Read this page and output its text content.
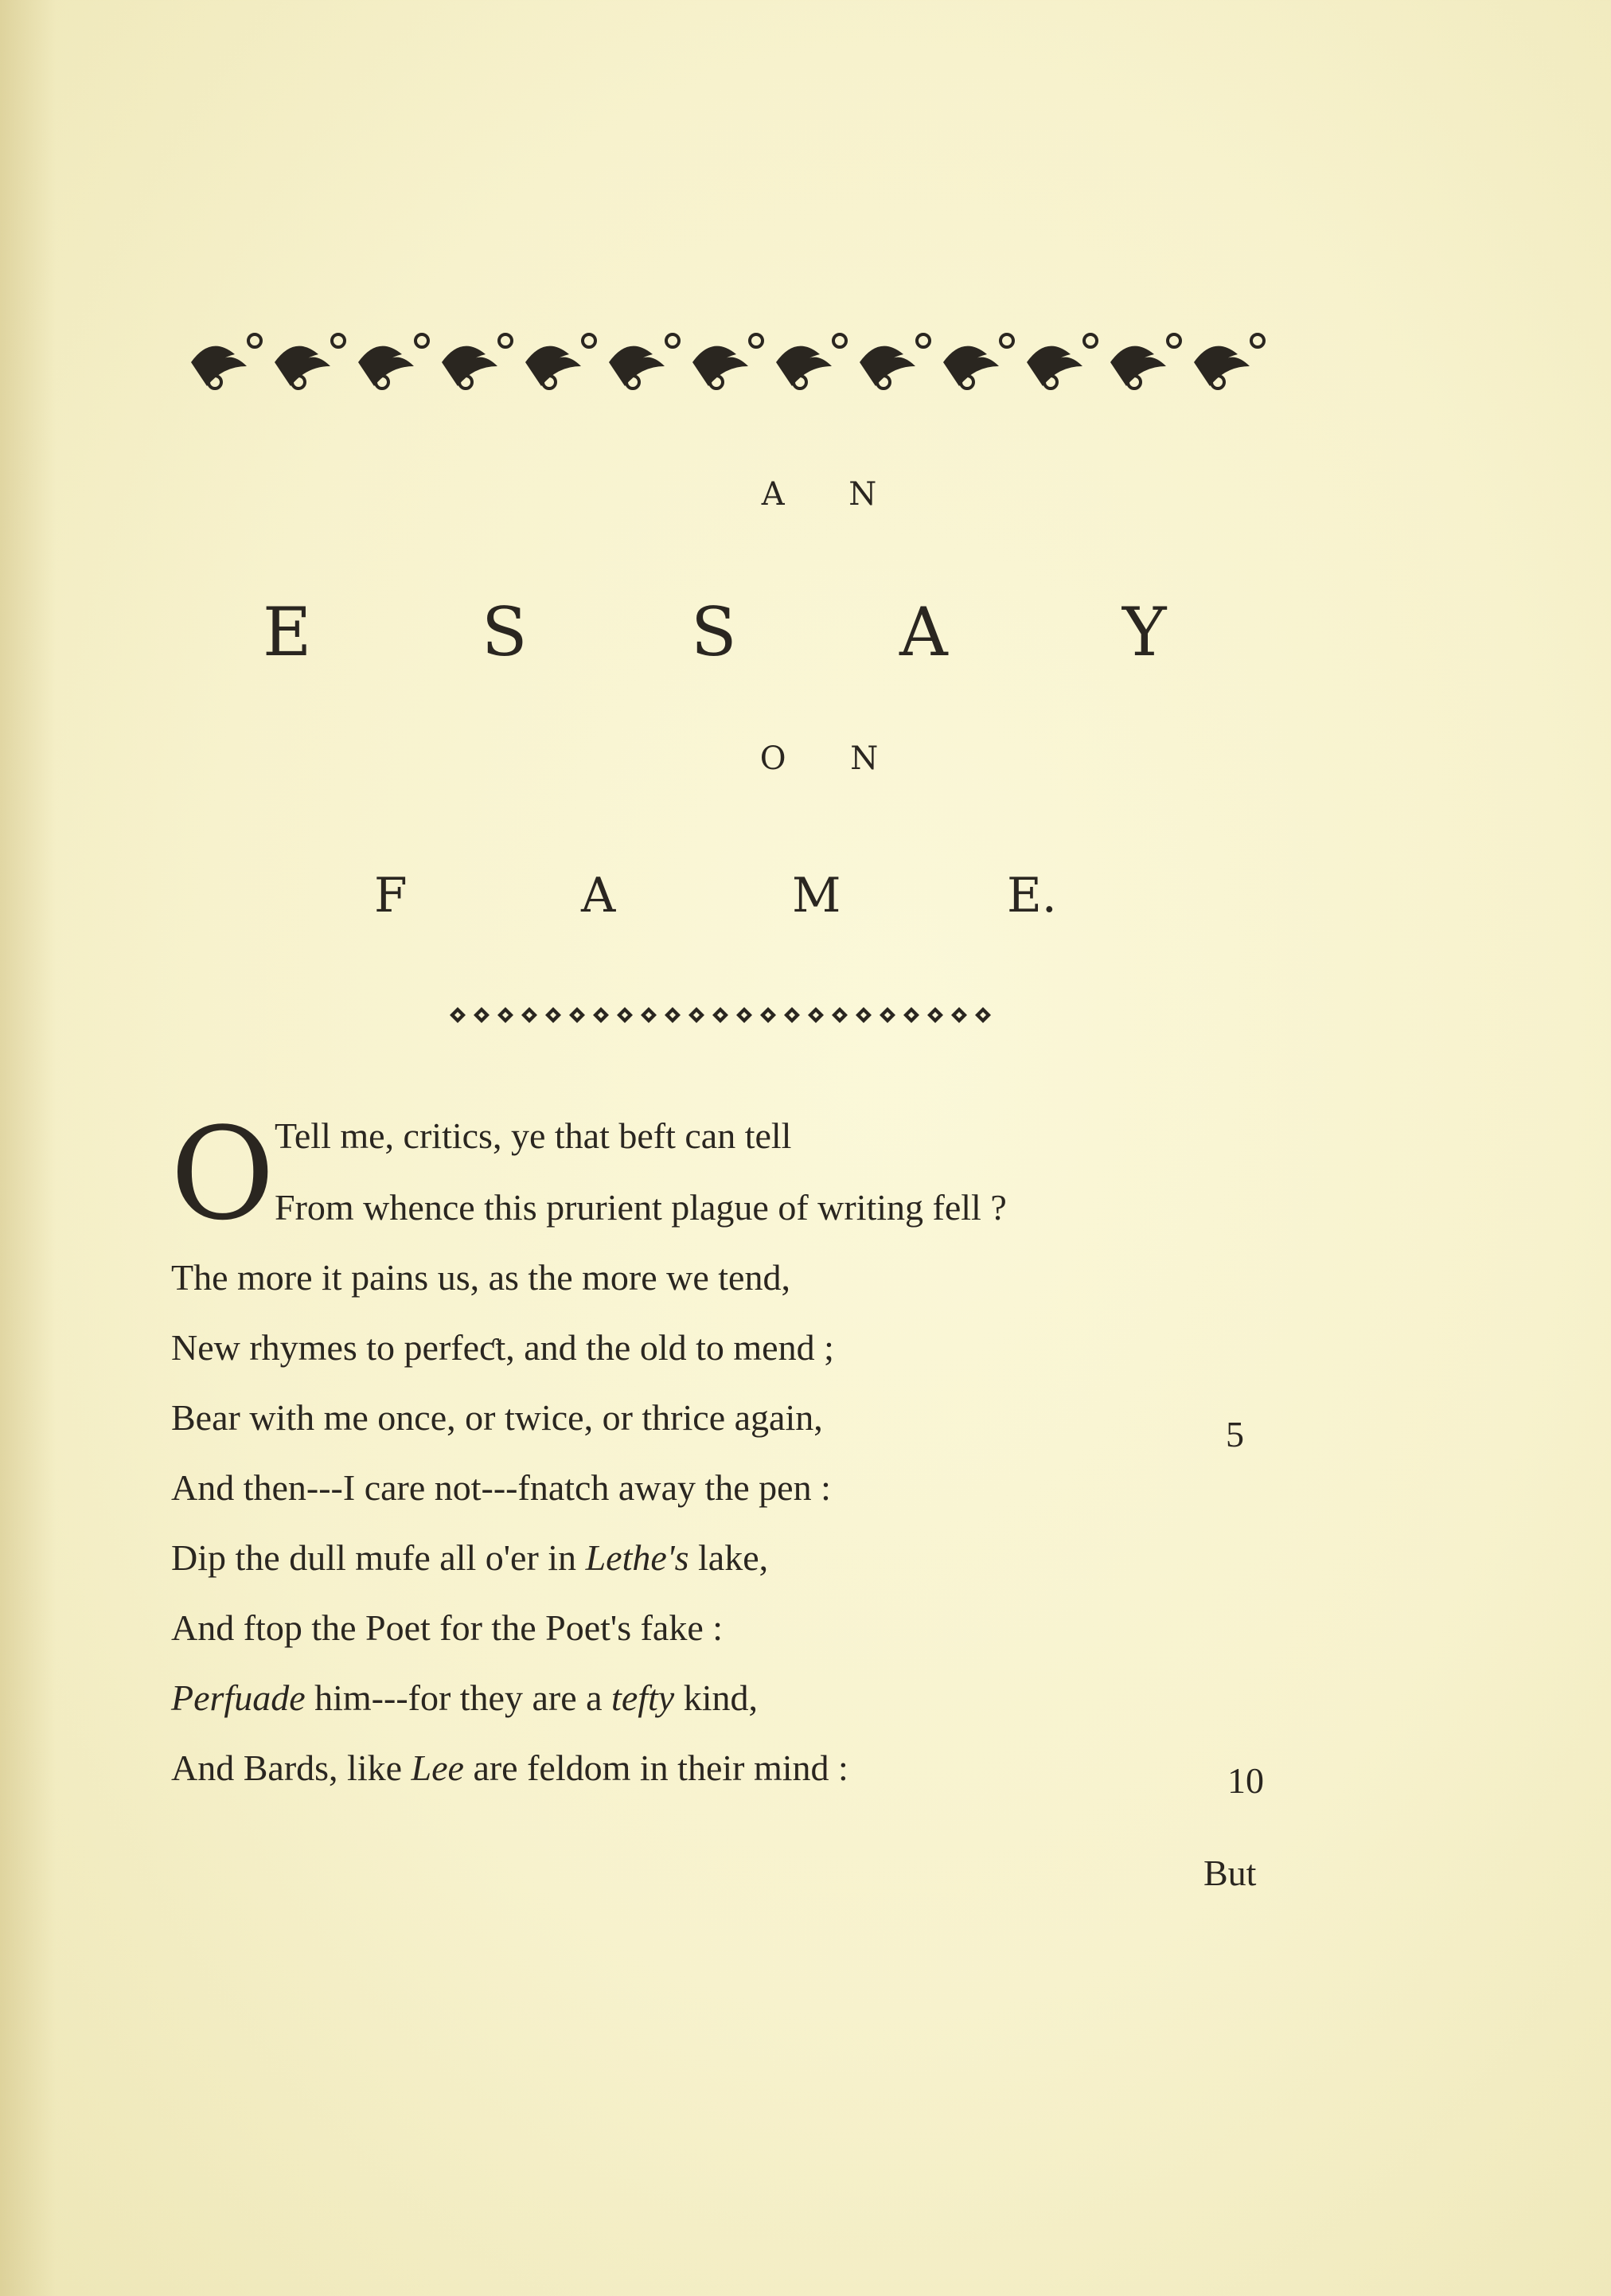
A N
E	S S A	Y
O N
F	A	M	E.
O Tell me, critics, ye that beft can tell
From whence this prurient plague of writing fell ?
The more it pains us, as the more we tend,
New rhymes to perfeƈt, and the old to mend ;
Bear with me once, or twice, or thrice again,
And then---I care not---fnatch away the pen :
Dip the dull mufe all o'er in Lethe's lake,
And ftop the Poet for the Poet's fake :
Perfuade him---for they are a tefty kind,
And Bards, like Lee are feldom in their mind :
5
10
But
